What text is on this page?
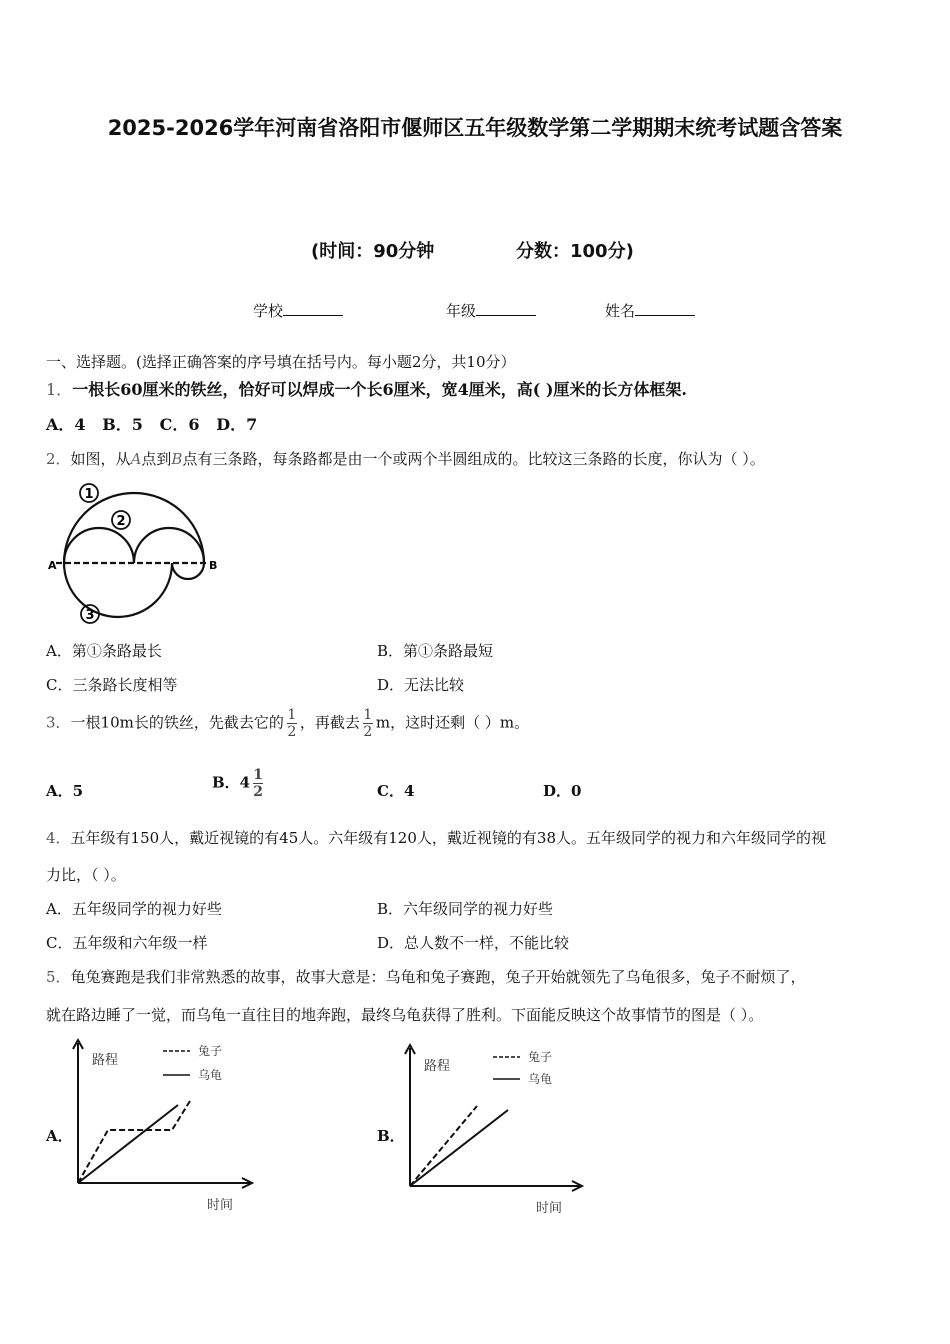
2025-2026学年河南省洛阳市偃师区五年级数学第二学期期末统考试题含答案
(时间：90分钟	分数：100分)
学校	年级	姓名
一、选择题。(选择正确答案的序号填在括号内。每小题2分，共10分）
1．一根长60厘米的铁丝，恰好可以焊成一个长6厘米，宽4厘米，高( )厘米的长方体框架.
A．4   B．5   C．6   D．7
2．如图，从A点到B点有三条路，每条路都是由一个或两个半圆组成的。比较这三条路的长度，你认为（ ）。
1
2
3
A	B
A．第①条路最长	B．第①条路最短
C．三条路长度相等	D．无法比较
3．一根10m长的铁丝，先截去它的 $\frac{1}{2}$ ，再截去 $\frac{1}{2}$ m，这时还剩（ ）m。
A．5	B．$4 \frac{1}{2}$	C．4	D．0
4．五年级有150人，戴近视镜的有45人。六年级有120人，戴近视镜的有38人。五年级同学的视力和六年级同学的视
力比，（ ）。
A．五年级同学的视力好些	B．六年级同学的视力好些
C．五年级和六年级一样	D．总人数不一样，不能比较
5．龟兔赛跑是我们非常熟悉的故事，故事大意是：乌龟和兔子赛跑，兔子开始就领先了乌龟很多，兔子不耐烦了，
就在路边睡了一觉，而乌龟一直往目的地奔跑，最终乌龟获得了胜利。下面能反映这个故事情节的图是（ ）。
A．	B．
路程
兔子
乌龟
时间
路程
兔子
乌龟
时间
